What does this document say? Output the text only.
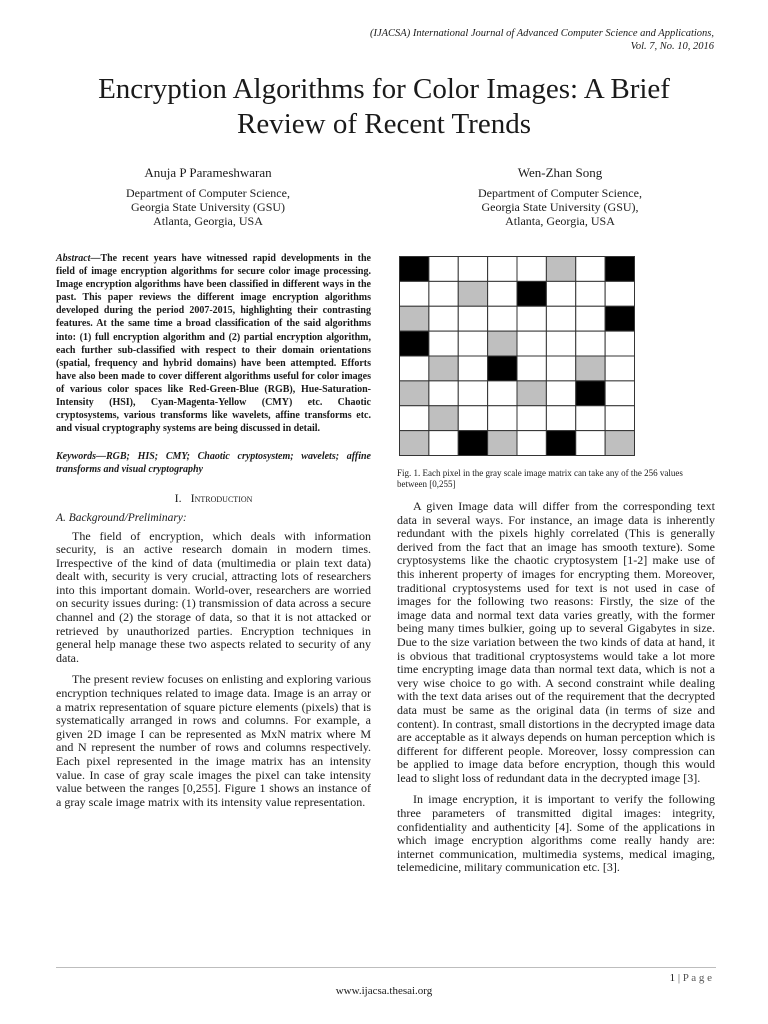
(IJACSA) International Journal of Advanced Computer Science and Applications,
Vol. 7, No. 10, 2016
Encryption Algorithms for Color Images: A Brief
Review of Recent Trends
Anuja P Parameshwaran
Department of Computer Science,
Georgia State University (GSU)
Atlanta, Georgia, USA
Wen-Zhan Song
Department of Computer Science,
Georgia State University (GSU),
Atlanta, Georgia, USA

Abstract—The recent years have witnessed rapid developments in the field of image encryption algorithms for secure color image processing. Image encryption algorithms have been classified in different ways in the past. This paper reviews the different image encryption algorithms developed during the period 2007-2015, highlighting their contrasting features. At the same time a broad classification of the said algorithms into: (1) full encryption algorithm and (2) partial encryption algorithm, each further sub-classified with respect to their domain orientations (spatial, frequency and hybrid domains) have been attempted. Efforts have also been made to cover different algorithms useful for color images of various color spaces like Red-Green-Blue (RGB), Hue-Saturation-Intensity (HSI), Cyan-Magenta-Yellow (CMY) etc. Chaotic cryptosystems, various transforms like wavelets, affine transforms etc. and visual cryptography systems are being discussed in detail.

Keywords—RGB; HIS; CMY; Chaotic cryptosystem; wavelets; affine transforms and visual cryptography

I. Introduction
A. Background/Preliminary:

The field of encryption, which deals with information security, is an active research domain in modern times. Irrespective of the kind of data (multimedia or plain text data) dealt with, security is very crucial, attracting lots of researchers into this important domain. World-over, researchers are worried on security issues during: (1) transmission of data across a secure channel and (2) the storage of data, so that it is not attacked or retrieved by unauthorized parties. Encryption techniques in general help manage these two aspects related to security of any data.

The present review focuses on enlisting and exploring various encryption techniques related to image data. Image is an array or a matrix representation of square picture elements (pixels) that is systematically arranged in rows and columns. For example, a given 2D image I can be represented as MxN matrix where M and N represent the number of rows and columns respectively. Each pixel represented in the image matrix has an intensity value. In case of gray scale images the pixel can take intensity value between the ranges [0,255]. Figure 1 shows an instance of a gray scale image matrix with its intensity value representation.

Fig. 1. Each pixel in the gray scale image matrix can take any of the 256 values between [0,255]

A given Image data will differ from the corresponding text data in several ways. For instance, an image data is inherently redundant with the pixels highly correlated (This is generally derived from the fact that an image has smooth texture). Some cryptosystems like the chaotic cryptosystem [1-2] make use of this inherent property of images for encrypting them. Moreover, traditional cryptosystems used for text is not used in case of images for the following two reasons: Firstly, the size of the image data and normal text data varies greatly, with the former being many times bulkier, going up to several Gigabytes in size. Due to the size variation between the two kinds of data at hand, it is obvious that traditional cryptosystems would take a lot more time encrypting image data than normal text data, which is not a very wise choice to go with. A second constraint while dealing with the text data arises out of the requirement that the decrypted data must be same as the original data (in terms of size and content). In contrast, small distortions in the decrypted image data are acceptable as it always depends on human perception which is different for different people. Moreover, lossy compression can be applied to image data before encryption, though this would lead to slight loss of redundant data in the decrypted image [3].

In image encryption, it is important to verify the following three parameters of transmitted digital images: integrity, confidentiality and authenticity [4]. Some of the applications in which image encryption algorithms come really handy are: internet communication, multimedia systems, medical imaging, telemedicine, military communication etc. [3].

1 | P a g e
www.ijacsa.thesai.org
